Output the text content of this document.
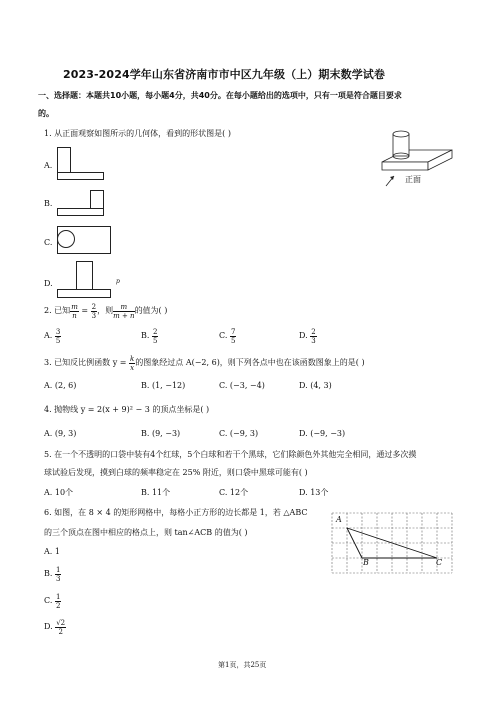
2023-2024学年山东省济南市市中区九年级（上）期末数学试卷
一、选择题：本题共10小题，每小题4分，共40分。在每小题给出的选项中，只有一项是符合题目要求
的。
1. 从正面观察如图所示的几何体，看到的形状图是( )
正面
A.
B.
C.
D.	p
2. 已知 $\frac{m}{n} = \frac{2}{3}$ ，则 $\frac{m}{m + n}$ 的值为( )
A. $\frac{3}{5}$	B. $\frac{2}{5}$	C. $\frac{7}{5}$	D. $\frac{2}{3}$
3. 已知反比例函数 $y = \frac{k}{x}$ 的图象经过点 A(−2, 6)，则下列各点中也在该函数图象上的是( )
A. (2, 6)	B. (1, −12)	C. (−3, −4)	D. (4, 3)
4. 抛物线 y = 2(x + 9)² − 3 的顶点坐标是( )
A. (9, 3)	B. (9, −3)	C. (−9, 3)	D. (−9, −3)
5. 在一个不透明的口袋中装有4个红球，5个白球和若干个黑球，它们除颜色外其他完全相同，通过多次摸
球试验后发现，摸到白球的频率稳定在 25% 附近，则口袋中黑球可能有( )
A. 10个	B. 11个	C. 12个	D. 13个
6. 如图，在 8 × 4 的矩形网格中，每格小正方形的边长都是 1，若 △ABC
的三个顶点在图中相应的格点上，则 tan∠ACB 的值为( )
A
B	C
A. 1
B. $\frac{1}{3}$
C. $\frac{1}{2}$
D. $\frac{√2}{2}$
第1页，共25页
